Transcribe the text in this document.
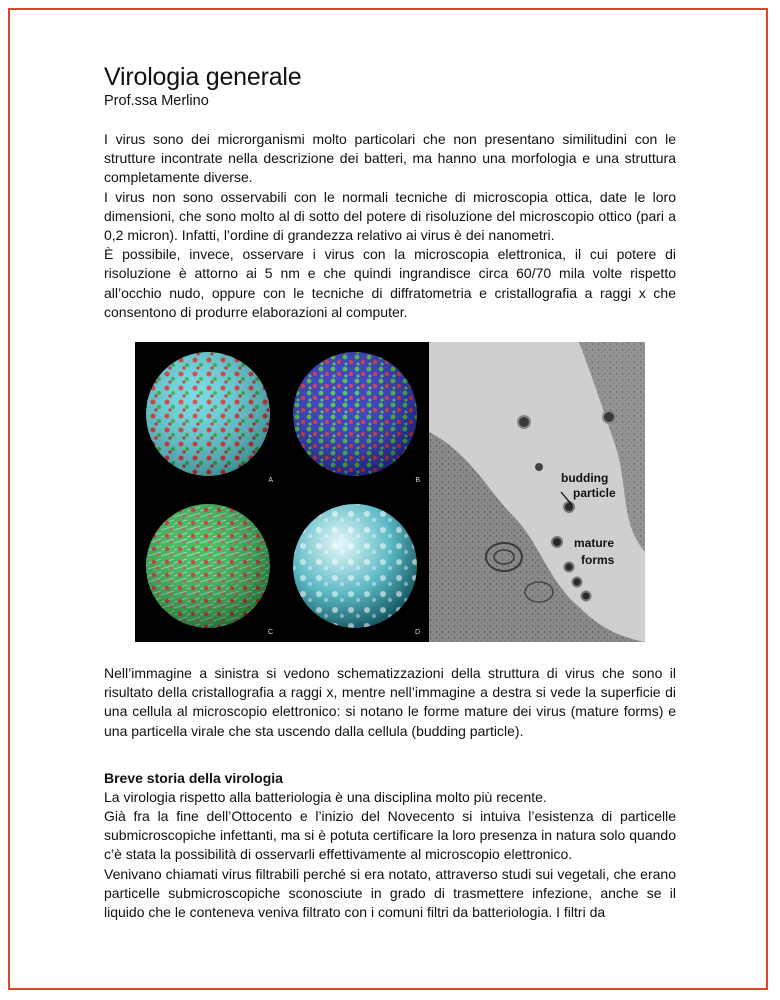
Virologia generale
Prof.ssa Merlino

I virus sono dei microrganismi molto particolari che non presentano similitudini con le strutture incontrate nella descrizione dei batteri, ma hanno una morfologia e una struttura completamente diverse.

I virus non sono osservabili con le normali tecniche di microscopia ottica, date le loro dimensioni, che sono molto al di sotto del potere di risoluzione del microscopio ottico (pari a 0,2 micron). Infatti, l’ordine di grandezza relativo ai virus è dei nanometri.

È possibile, invece, osservare i virus con la microscopia elettronica, il cui potere di risoluzione è attorno ai 5 nm e che quindi ingrandisce circa 60/70 mila volte rispetto all’occhio nudo, oppure con le tecniche di diffratometria e cristallografia a raggi x che consentono di produrre elaborazioni al computer.

A	B
C	D
budding
particle
mature
forms

Nell’immagine a sinistra si vedono schematizzazioni della struttura di virus che sono il risultato della cristallografia a raggi x, mentre nell’immagine a destra si vede la superficie di una cellula al microscopio elettronico: si notano le forme mature dei virus (mature forms) e una particella virale che sta uscendo dalla cellula (budding particle).

Breve storia della virologia

La virologia rispetto alla batteriologia è una disciplina molto più recente.

Già fra la fine dell’Ottocento e l’inizio del Novecento si intuiva l’esistenza di particelle submicroscopiche infettanti, ma si è potuta certificare la loro presenza in natura solo quando c’è stata la possibilità di osservarli effettivamente al microscopio elettronico.

Venivano chiamati virus filtrabili perché si era notato, attraverso studi sui vegetali, che erano particelle submicroscopiche sconosciute in grado di trasmettere infezione, anche se il liquido che le conteneva veniva filtrato con i comuni filtri da batteriologia. I filtri da
